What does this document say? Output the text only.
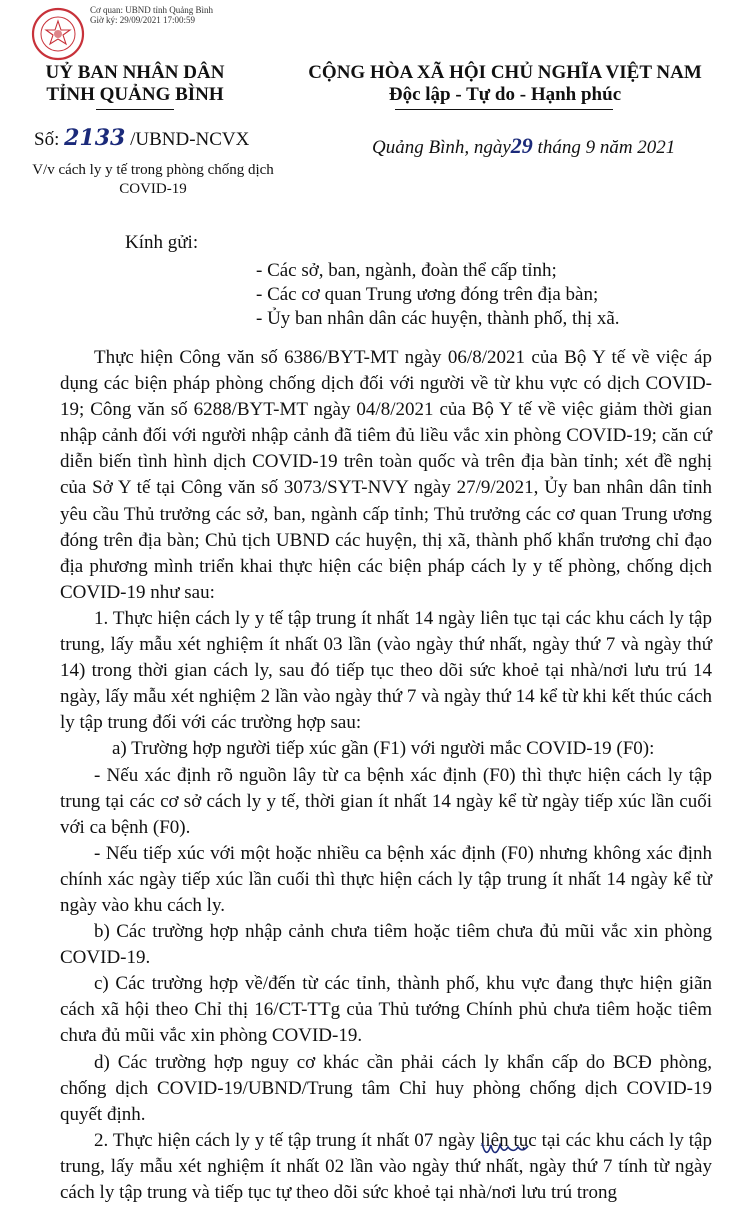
Cơ quan: UBND tỉnh Quảng Bình
Giờ ký: 29/09/2021 17:00:59
UỶ BAN NHÂN DÂN
TỈNH QUẢNG BÌNH
CỘNG HÒA XÃ HỘI CHỦ NGHĨA VIỆT NAM
Độc lập - Tự do - Hạnh phúc
Số: 2133 /UBND-NCVX
V/v cách ly y tế trong phòng chống dịch COVID-19
Quảng Bình, ngày29 tháng 9 năm 2021
Kính gửi:
- Các sở, ban, ngành, đoàn thể cấp tỉnh;
- Các cơ quan Trung ương đóng trên địa bàn;
- Ủy ban nhân dân các huyện, thành phố, thị xã.

Thực hiện Công văn số 6386/BYT-MT ngày 06/8/2021 của Bộ Y tế về việc áp dụng các biện pháp phòng chống dịch đối với người về từ khu vực có dịch COVID-19; Công văn số 6288/BYT-MT ngày 04/8/2021 của Bộ Y tế về việc giảm thời gian nhập cảnh đối với người nhập cảnh đã tiêm đủ liều vắc xin phòng COVID-19; căn cứ diễn biến tình hình dịch COVID-19 trên toàn quốc và trên địa bàn tỉnh; xét đề nghị của Sở Y tế tại Công văn số 3073/SYT-NVY ngày 27/9/2021, Ủy ban nhân dân tỉnh yêu cầu Thủ trưởng các sở, ban, ngành cấp tỉnh; Thủ trưởng các cơ quan Trung ương đóng trên địa bàn; Chủ tịch UBND các huyện, thị xã, thành phố khẩn trương chỉ đạo địa phương mình triển khai thực hiện các biện pháp cách ly y tế phòng, chống dịch COVID-19 như sau:

1. Thực hiện cách ly y tế tập trung ít nhất 14 ngày liên tục tại các khu cách ly tập trung, lấy mẫu xét nghiệm ít nhất 03 lần (vào ngày thứ nhất, ngày thứ 7 và ngày thứ 14) trong thời gian cách ly, sau đó tiếp tục theo dõi sức khoẻ tại nhà/nơi lưu trú 14 ngày, lấy mẫu xét nghiệm 2 lần vào ngày thứ 7 và ngày thứ 14 kể từ khi kết thúc cách ly tập trung đối với các trường hợp sau:

a) Trường hợp người tiếp xúc gần (F1) với người mắc COVID-19 (F0):

- Nếu xác định rõ nguồn lây từ ca bệnh xác định (F0) thì thực hiện cách ly tập trung tại các cơ sở cách ly y tế, thời gian ít nhất 14 ngày kể từ ngày tiếp xúc lần cuối với ca bệnh (F0).

- Nếu tiếp xúc với một hoặc nhiều ca bệnh xác định (F0) nhưng không xác định chính xác ngày tiếp xúc lần cuối thì thực hiện cách ly tập trung ít nhất 14 ngày kể từ ngày vào khu cách ly.

b) Các trường hợp nhập cảnh chưa tiêm hoặc tiêm chưa đủ mũi vắc xin phòng COVID-19.

c) Các trường hợp về/đến từ các tỉnh, thành phố, khu vực đang thực hiện giãn cách xã hội theo Chỉ thị 16/CT-TTg của Thủ tướng Chính phủ chưa tiêm hoặc tiêm chưa đủ mũi vắc xin phòng COVID-19.

d) Các trường hợp nguy cơ khác cần phải cách ly khẩn cấp do BCĐ phòng, chống dịch COVID-19/UBND/Trung tâm Chỉ huy phòng chống dịch COVID-19 quyết định.

2. Thực hiện cách ly y tế tập trung ít nhất 07 ngày liên tục tại các khu cách ly tập trung, lấy mẫu xét nghiệm ít nhất 02 lần vào ngày thứ nhất, ngày thứ 7 tính từ ngày cách ly tập trung và tiếp tục tự theo dõi sức khoẻ tại nhà/nơi lưu trú trong
